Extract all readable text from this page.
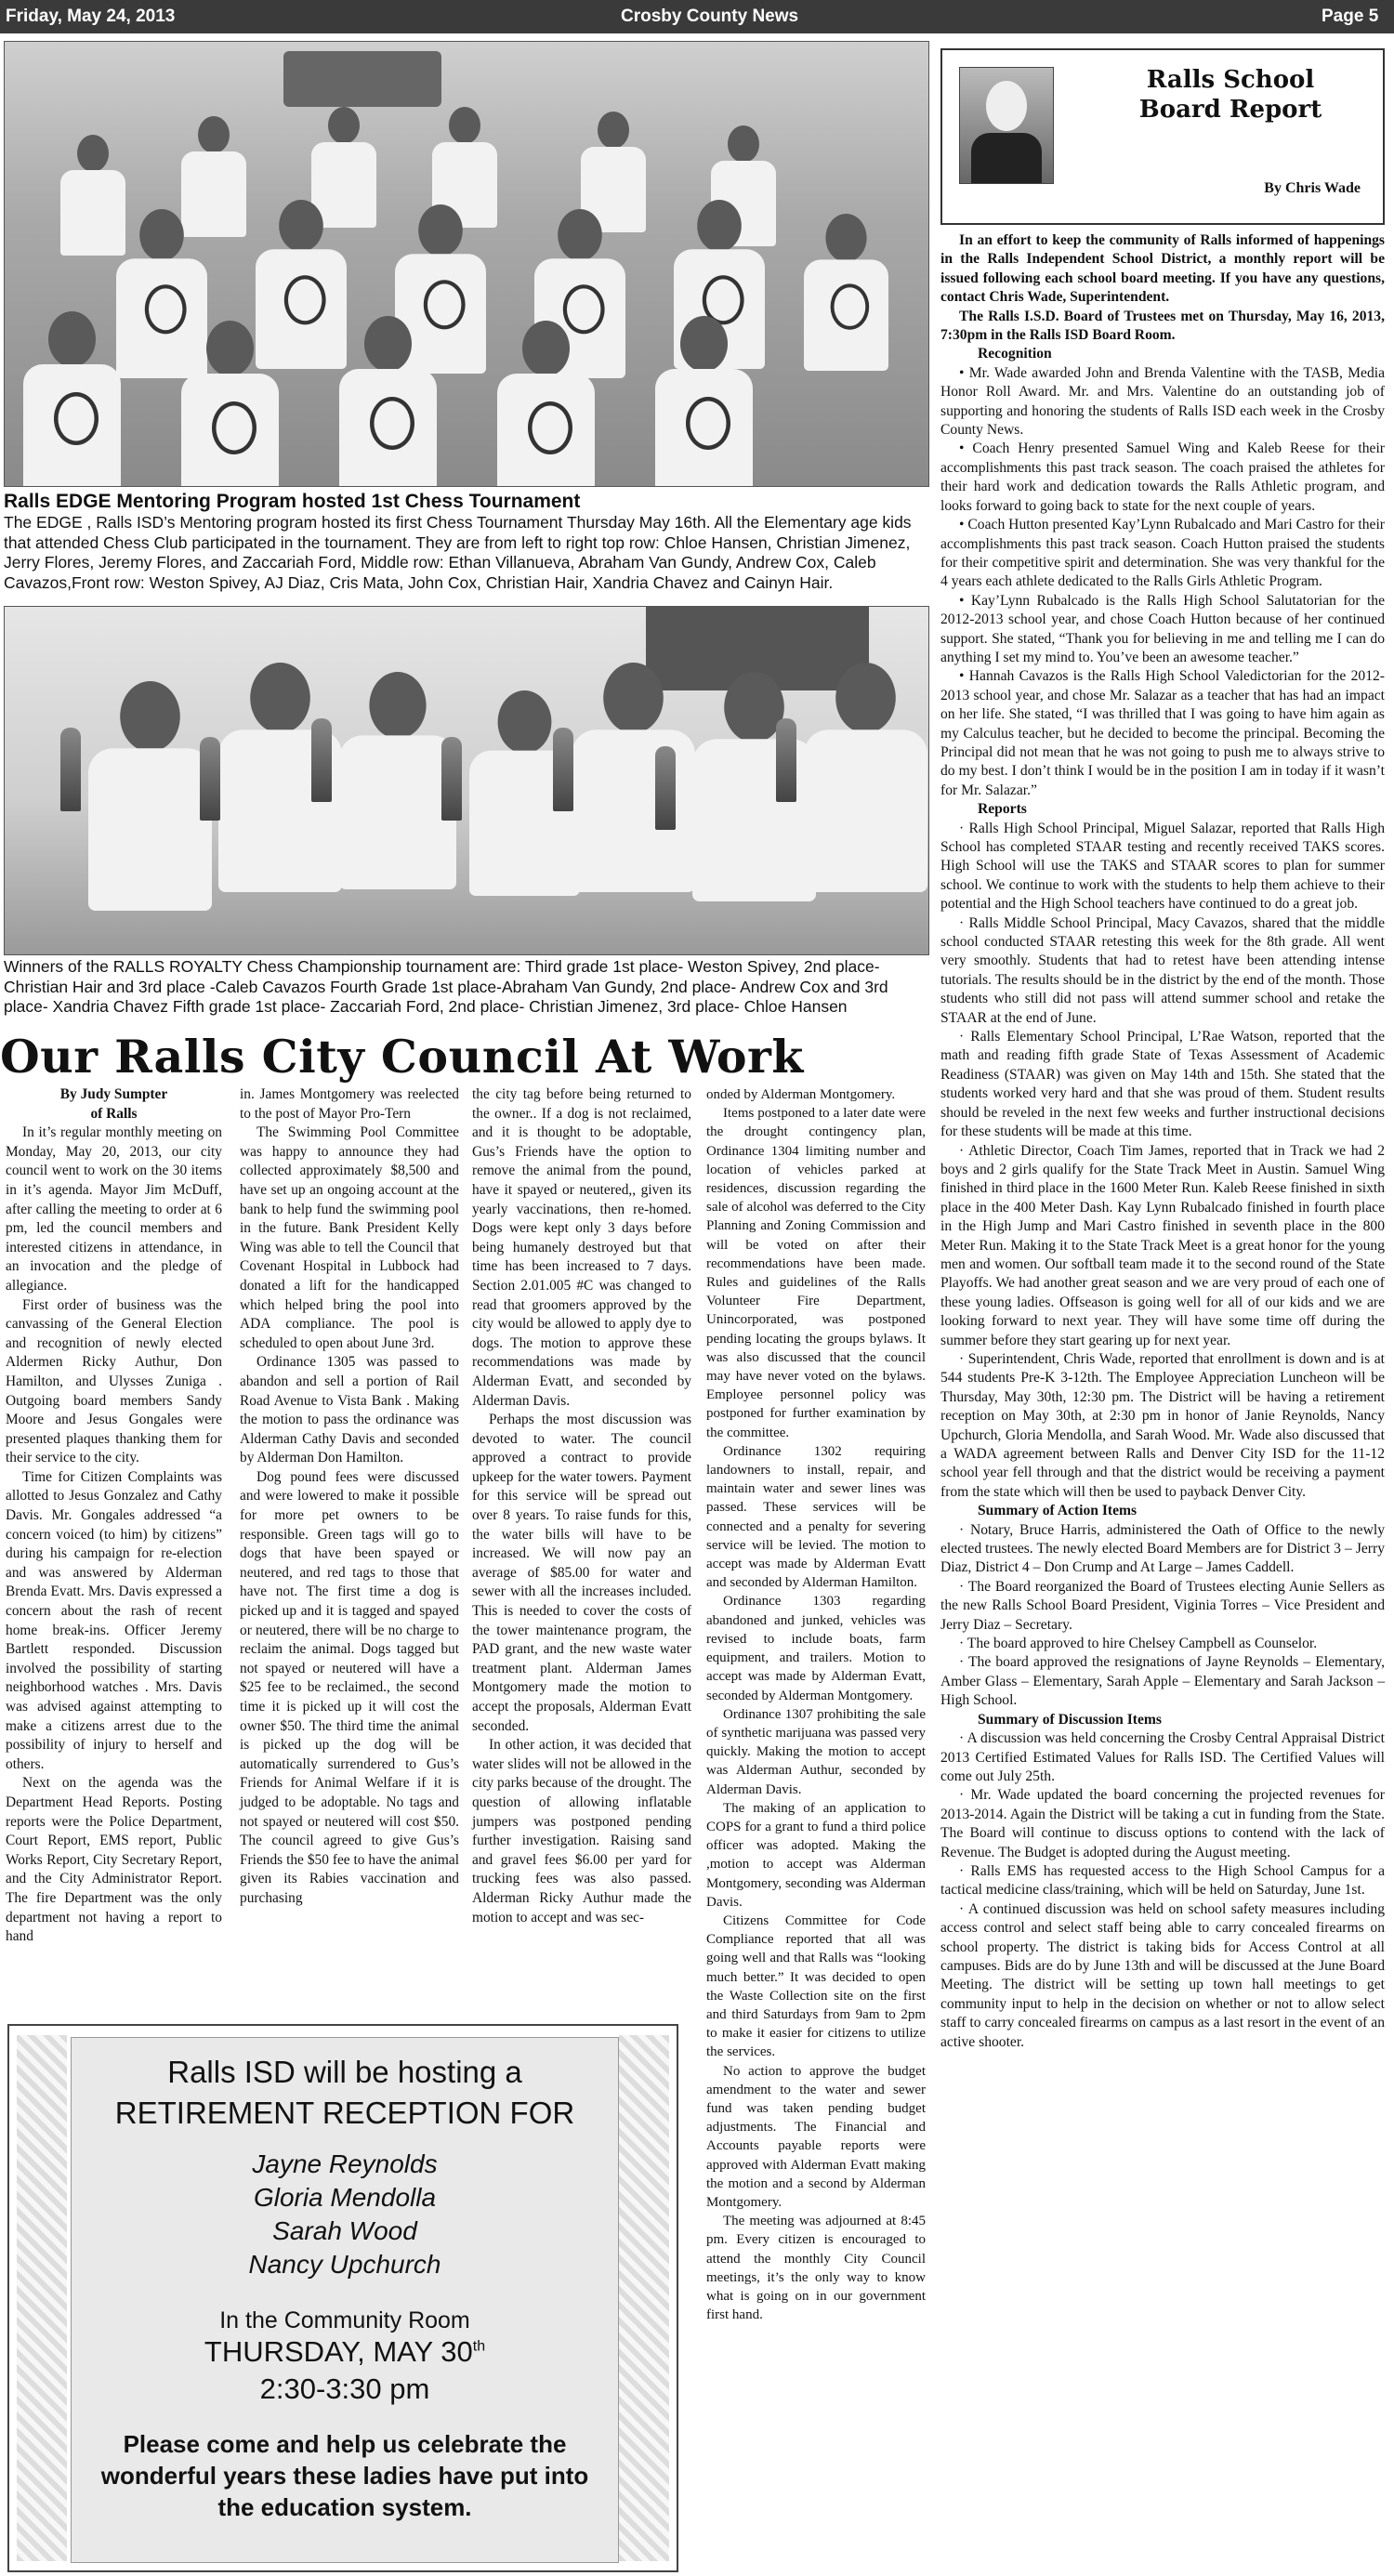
Friday, May 24, 2013	Crosby County News	Page 5
Ralls EDGE Mentoring Program hosted 1st Chess Tournament
The EDGE , Ralls ISD’s Mentoring program hosted its first Chess Tournament Thursday May 16th. All the Elementary age kids that attended Chess Club participated in the tournament. They are from left to right top row: Chloe Hansen, Christian Jimenez, Jerry Flores, Jeremy Flores, and Zaccariah Ford, Middle row: Ethan Villanueva, Abraham Van Gundy, Andrew Cox, Caleb Cavazos,Front row: Weston Spivey, AJ Diaz, Cris Mata, John Cox, Christian Hair, Xandria Chavez and Cainyn Hair.
Winners of the RALLS ROYALTY Chess Championship tournament are: Third grade 1st place- Weston Spivey, 2nd place- Christian Hair and 3rd place -Caleb Cavazos Fourth Grade 1st place-Abraham Van Gundy, 2nd place- Andrew Cox and 3rd place- Xandria Chavez Fifth grade 1st place- Zaccariah Ford, 2nd place- Christian Jimenez, 3rd place- Chloe Hansen
Our Ralls City Council At Work

By Judy Sumpter

of Ralls

In it’s regular monthly meeting on Monday, May 20, 2013, our city council went to work on the 30 items in it’s agenda. Mayor Jim McDuff, after calling the meeting to order at 6 pm, led the council members and interested citizens in attendance, in an invocation and the pledge of allegiance.

First order of business was the canvassing of the General Election and recognition of newly elected Aldermen Ricky Authur, Don Hamilton, and Ulysses Zuniga . Outgoing board members Sandy Moore and Jesus Gongales were presented plaques thanking them for their service to the city.

Time for Citizen Complaints was allotted to Jesus Gonzalez and Cathy Davis. Mr. Gongales addressed “a concern voiced (to him) by citizens” during his campaign for re-election and was answered by Alderman Brenda Evatt. Mrs. Davis expressed a concern about the rash of recent home break-ins. Officer Jeremy Bartlett responded. Discussion involved the possibility of starting neighborhood watches . Mrs. Davis was advised against attempting to make a citizens arrest due to the possibility of injury to herself and others.

Next on the agenda was the Department Head Reports. Posting reports were the Police Department, Court Report, EMS report, Public Works Report, City Secretary Report, and the City Administrator Report. The fire Department was the only department not having a report to hand

in. James Montgomery was reelected to the post of Mayor Pro-Tern

The Swimming Pool Committee was happy to announce they had collected approximately $8,500 and have set up an ongoing account at the bank to help fund the swimming pool in the future. Bank President Kelly Wing was able to tell the Council that Covenant Hospital in Lubbock had donated a lift for the handicapped which helped bring the pool into ADA compliance. The pool is scheduled to open about June 3rd.

Ordinance 1305 was passed to abandon and sell a portion of Rail Road Avenue to Vista Bank . Making the motion to pass the ordinance was Alderman Cathy Davis and seconded by Alderman Don Hamilton.

Dog pound fees were discussed and were lowered to make it possible for more pet owners to be responsible. Green tags will go to dogs that have been spayed or neutered, and red tags to those that have not. The first time a dog is picked up and it is tagged and spayed or neutered, there will be no charge to reclaim the animal. Dogs tagged but not spayed or neutered will have a $25 fee to be reclaimed., the second time it is picked up it will cost the owner $50. The third time the animal is picked up the dog will be automatically surrendered to Gus’s Friends for Animal Welfare if it is judged to be adoptable. No tags and not spayed or neutered will cost $50. The council agreed to give Gus’s Friends the $50 fee to have the animal given its Rabies vaccination and purchasing

the city tag before being returned to the owner.. If a dog is not reclaimed, and it is thought to be adoptable, Gus’s Friends have the option to remove the animal from the pound, have it spayed or neutered,, given its yearly vaccinations, then re-homed. Dogs were kept only 3 days before being humanely destroyed but that time has been increased to 7 days. Section 2.01.005 #C was changed to read that groomers approved by the city would be allowed to apply dye to dogs. The motion to approve these recommendations was made by Alderman Evatt, and seconded by Alderman Davis.

Perhaps the most discussion was devoted to water. The council approved a contract to provide upkeep for the water towers. Payment for this service will be spread out over 8 years. To raise funds for this, the water bills will have to be increased. We will now pay an average of $85.00 for water and sewer with all the increases included. This is needed to cover the costs of the tower maintenance program, the PAD grant, and the new waste water treatment plant. Alderman James Montgomery made the motion to accept the proposals, Alderman Evatt seconded.

In other action, it was decided that water slides will not be allowed in the city parks because of the drought. The question of allowing inflatable jumpers was postponed pending further investigation. Raising sand and gravel fees $6.00 per yard for trucking fees was also passed. Alderman Ricky Authur made the motion to accept and was sec-

onded by Alderman Montgomery.

Items postponed to a later date were the drought contingency plan, Ordinance 1304 limiting number and location of vehicles parked at residences, discussion regarding the sale of alcohol was deferred to the City Planning and Zoning Commission and will be voted on after their recommendations have been made. Rules and guidelines of the Ralls Volunteer Fire Department, Unincorporated, was postponed pending locating the groups bylaws. It was also discussed that the council may have never voted on the bylaws. Employee personnel policy was postponed for further examination by the committee.

Ordinance 1302 requiring landowners to install, repair, and maintain water and sewer lines was passed. These services will be connected and a penalty for severing service will be levied. The motion to accept was made by Alderman Evatt and seconded by Alderman Hamilton.

Ordinance 1303 regarding abandoned and junked, vehicles was revised to include boats, farm equipment, and trailers. Motion to accept was made by Alderman Evatt, seconded by Alderman Montgomery.

Ordinance 1307 prohibiting the sale of synthetic marijuana was passed very quickly. Making the motion to accept was Alderman Authur, seconded by Alderman Davis.

The making of an application to COPS for a grant to fund a third police officer was adopted. Making the ,motion to accept was Alderman Montgomery, seconding was Alderman Davis.

Citizens Committee for Code Compliance reported that all was going well and that Ralls was “looking much better.” It was decided to open the Waste Collection site on the first and third Saturdays from 9am to 2pm to make it easier for citizens to utilize the services.

No action to approve the budget amendment to the water and sewer fund was taken pending budget adjustments. The Financial and Accounts payable reports were approved with Alderman Evatt making the motion and a second by Alderman Montgomery.

The meeting was adjourned at 8:45 pm. Every citizen is encouraged to attend the monthly City Council meetings, it’s the only way to know what is going on in our government first hand.

Ralls ISD will be hosting a
RETIREMENT RECEPTION FOR
Jayne Reynolds
Gloria Mendolla
Sarah Wood
Nancy Upchurch
In the Community Room
THURSDAY, MAY 30th
2:30-3:30 pm
Please come and help us celebrate the wonderful years these ladies have put into the education system.
Ralls School
Board Report
By Chris Wade

In an effort to keep the community of Ralls informed of happenings in the Ralls Independent School District, a monthly report will be issued following each school board meeting. If you have any questions, contact Chris Wade, Superintendent.

The Ralls I.S.D. Board of Trustees met on Thursday, May 16, 2013, 7:30pm in the Ralls ISD Board Room.

Recognition

• Mr. Wade awarded John and Brenda Valentine with the TASB, Media Honor Roll Award. Mr. and Mrs. Valentine do an outstanding job of supporting and honoring the students of Ralls ISD each week in the Crosby County News.

• Coach Henry presented Samuel Wing and Kaleb Reese for their accomplishments this past track season. The coach praised the athletes for their hard work and dedication towards the Ralls Athletic program, and looks forward to going back to state for the next couple of years.

• Coach Hutton presented Kay’Lynn Rubalcado and Mari Castro for their accomplishments this past track season. Coach Hutton praised the students for their competitive spirit and determination. She was very thankful for the 4 years each athlete dedicated to the Ralls Girls Athletic Program.

• Kay’Lynn Rubalcado is the Ralls High School Salutatorian for the 2012-2013 school year, and chose Coach Hutton because of her continued support. She stated, “Thank you for believing in me and telling me I can do anything I set my mind to. You’ve been an awesome teacher.”

• Hannah Cavazos is the Ralls High School Valedictorian for the 2012-2013 school year, and chose Mr. Salazar as a teacher that has had an impact on her life. She stated, “I was thrilled that I was going to have him again as my Calculus teacher, but he decided to become the principal. Becoming the Principal did not mean that he was not going to push me to always strive to do my best. I don’t think I would be in the position I am in today if it wasn’t for Mr. Salazar.”

Reports

· Ralls High School Principal, Miguel Salazar, reported that Ralls High School has completed STAAR testing and recently received TAKS scores. High School will use the TAKS and STAAR scores to plan for summer school. We continue to work with the students to help them achieve to their potential and the High School teachers have continued to do a great job.

· Ralls Middle School Principal, Macy Cavazos, shared that the middle school conducted STAAR retesting this week for the 8th grade. All went very smoothly. Students that had to retest have been attending intense tutorials. The results should be in the district by the end of the month. Those students who still did not pass will attend summer school and retake the STAAR at the end of June.

· Ralls Elementary School Principal, L’Rae Watson, reported that the math and reading fifth grade State of Texas Assessment of Academic Readiness (STAAR) was given on May 14th and 15th. She stated that the students worked very hard and that she was proud of them. Student results should be reveled in the next few weeks and further instructional decisions for these students will be made at this time.

· Athletic Director, Coach Tim James, reported that in Track we had 2 boys and 2 girls qualify for the State Track Meet in Austin. Samuel Wing finished in third place in the 1600 Meter Run. Kaleb Reese finished in sixth place in the 400 Meter Dash. Kay Lynn Rubalcado finished in fourth place in the High Jump and Mari Castro finished in seventh place in the 800 Meter Run. Making it to the State Track Meet is a great honor for the young men and women. Our softball team made it to the second round of the State Playoffs. We had another great season and we are very proud of each one of these young ladies. Offseason is going well for all of our kids and we are looking forward to next year. They will have some time off during the summer before they start gearing up for next year.

· Superintendent, Chris Wade, reported that enrollment is down and is at 544 students Pre-K 3-12th. The Employee Appreciation Luncheon will be Thursday, May 30th, 12:30 pm. The District will be having a retirement reception on May 30th, at 2:30 pm in honor of Janie Reynolds, Nancy Upchurch, Gloria Mendolla, and Sarah Wood. Mr. Wade also discussed that a WADA agreement between Ralls and Denver City ISD for the 11-12 school year fell through and that the district would be receiving a payment from the state which will then be used to payback Denver City.

Summary of Action Items

· Notary, Bruce Harris, administered the Oath of Office to the newly elected trustees. The newly elected Board Members are for District 3 – Jerry Diaz, District 4 – Don Crump and At Large – James Caddell.

· The Board reorganized the Board of Trustees electing Aunie Sellers as the new Ralls School Board President, Viginia Torres – Vice President and Jerry Diaz – Secretary.

· The board approved to hire Chelsey Campbell as Counselor.

· The board approved the resignations of Jayne Reynolds – Elementary, Amber Glass – Elementary, Sarah Apple – Elementary and Sarah Jackson – High School.

Summary of Discussion Items

· A discussion was held concerning the Crosby Central Appraisal District 2013 Certified Estimated Values for Ralls ISD. The Certified Values will come out July 25th.

· Mr. Wade updated the board concerning the projected revenues for 2013-2014. Again the District will be taking a cut in funding from the State. The Board will continue to discuss options to contend with the lack of Revenue. The Budget is adopted during the August meeting.

· Ralls EMS has requested access to the High School Campus for a tactical medicine class/training, which will be held on Saturday, June 1st.

· A continued discussion was held on school safety measures including access control and select staff being able to carry concealed firearms on school property. The district is taking bids for Access Control at all campuses. Bids are do by June 13th and will be discussed at the June Board Meeting. The district will be setting up town hall meetings to get community input to help in the decision on whether or not to allow select staff to carry concealed firearms on campus as a last resort in the event of an active shooter.
